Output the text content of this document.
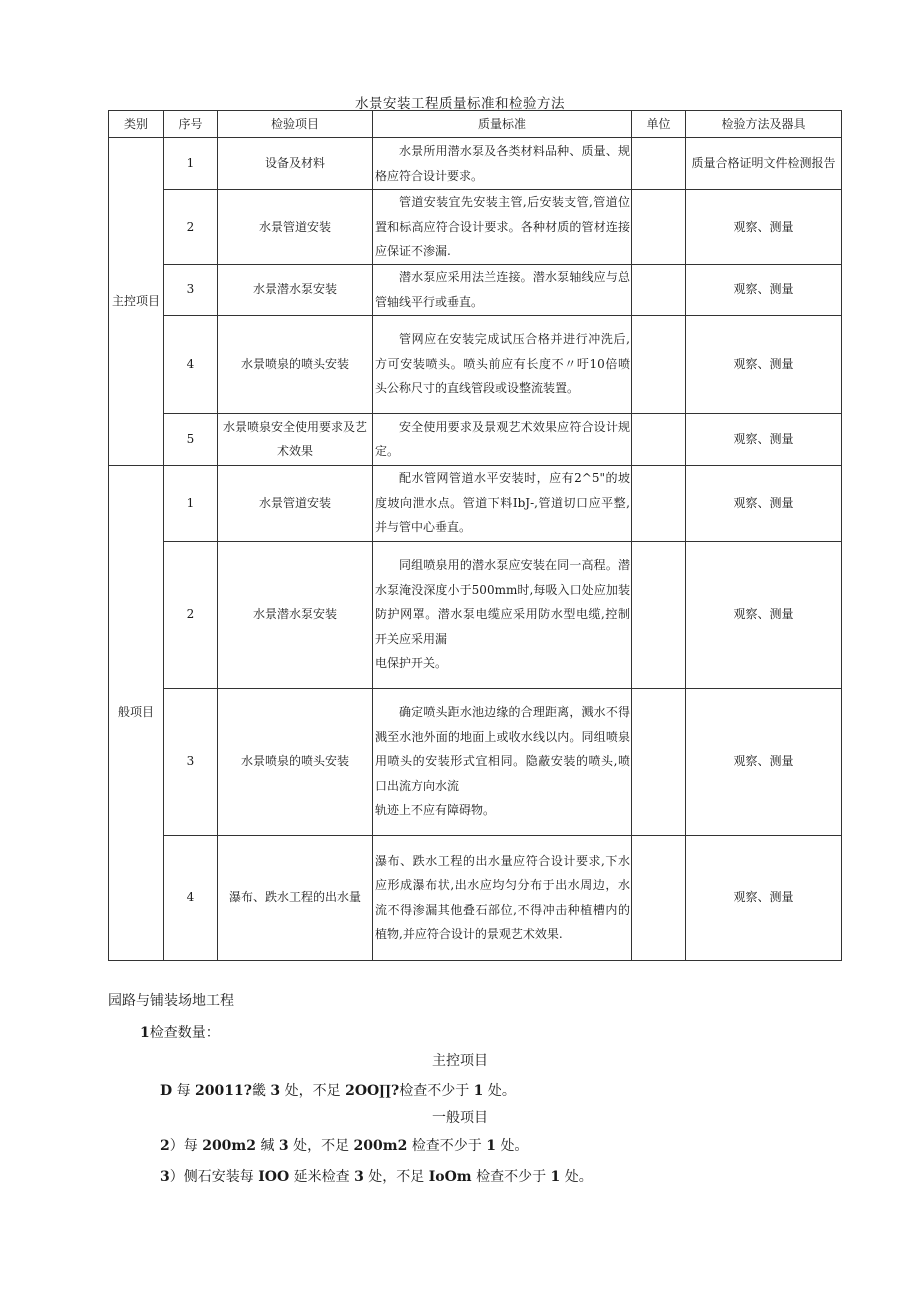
水景安装工程质量标准和检验方法
类别	序号	检验项目	质量标准	单位	检验方法及器具
主控项目	1	设备及材料	水景所用潜水泵及各类材料品种、质量、规格应符合设计要求。		质量合格证明文件检测报告
	2	水景管道安装	管道安装宜先安装主管,后安装支管,管道位置和标高应符合设计要求。各种材质的管材连接应保证不渗漏.		观察、测量
	3	水景潜水泵安装	潜水泵应采用法兰连接。潜水泵轴线应与总管轴线平行或垂直。		观察、测量
	4	水景喷泉的喷头安装	管网应在安装完成试压合格并进行冲洗后,方可安装喷头。喷头前应有长度不〃吁10倍喷头公称尺寸的直线管段或设整流装置。		观察、测量
	5	水景喷泉安全使用要求及艺术效果	安全使用要求及景观艺术效果应符合设计规定。		观察、测量
般项目	1	水景管道安装	配水管网管道水平安装时，应有2^5"的坡度坡向泄水点。管道下料IbJ-,管道切口应平整,并与管中心垂直。		观察、测量
	2	水景潜水泵安装	同组喷泉用的潜水泵应安装在同一高程。潜水泵淹没深度小于500mm时,每吸入口处应加装防护网罩。潜水泵电缆应采用防水型电缆,控制开关应采用漏
电保护开关。		观察、测量
	3	水景喷泉的喷头安装	确定喷头距水池边缘的合理距离，溅水不得溅至水池外面的地面上或收水线以内。同组喷泉用喷头的安装形式宜相同。隐蔽安装的喷头,喷口出流方向水流
轨迹上不应有障碍物。		观察、测量
	4	瀑布、跌水工程的出水量	瀑布、跌水工程的出水量应符合设计要求,下水应形成瀑布状,出水应均匀分布于出水周边，水流不得渗漏其他叠石部位,不得冲击种植槽内的植物,并应符合设计的景观艺术效果.		观察、测量
园路与铺装场地工程
1检查数量：
主控项目
D 每 20011?畿 3 处，不足 2OO∏?检查不少于 1 处。
一般项目
2）每 200m2 缄 3 处，不足 200m2 检查不少于 1 处。
3）侧石安装每 IOO 延米检查 3 处，不足 IoOm 检查不少于 1 处。
